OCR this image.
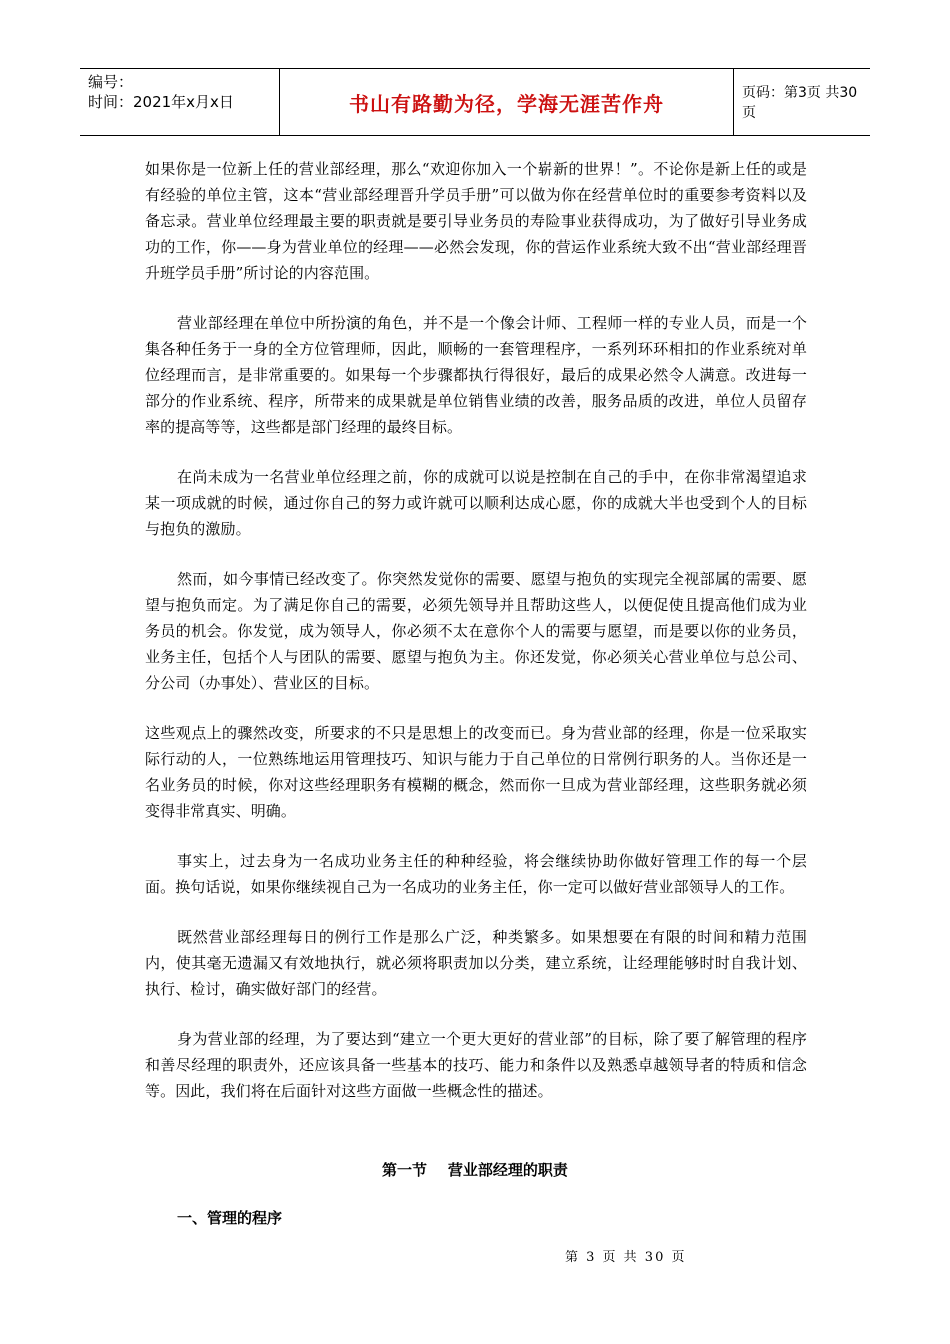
编号：
时间：2021年x月x日	书山有路勤为径，学海无涯苦作舟	页码：第3页 共30页

如果你是一位新上任的营业部经理，那么“欢迎你加入一个崭新的世界！”。不论你是新上任的或是有经验的单位主管，这本“营业部经理晋升学员手册”可以做为你在经营单位时的重要参考资料以及备忘录。营业单位经理最主要的职责就是要引导业务员的寿险事业获得成功，为了做好引导业务成功的工作，你——身为营业单位的经理——必然会发现，你的营运作业系统大致不出“营业部经理晋升班学员手册”所讨论的内容范围。

营业部经理在单位中所扮演的角色，并不是一个像会计师、工程师一样的专业人员，而是一个集各种任务于一身的全方位管理师，因此，顺畅的一套管理程序，一系列环环相扣的作业系统对单位经理而言，是非常重要的。如果每一个步骤都执行得很好，最后的成果必然令人满意。改进每一部分的作业系统、程序，所带来的成果就是单位销售业绩的改善，服务品质的改进，单位人员留存率的提高等等，这些都是部门经理的最终目标。

在尚未成为一名营业单位经理之前，你的成就可以说是控制在自己的手中，在你非常渴望追求某一项成就的时候，通过你自己的努力或许就可以顺利达成心愿，你的成就大半也受到个人的目标与抱负的激励。

然而，如今事情已经改变了。你突然发觉你的需要、愿望与抱负的实现完全视部属的需要、愿望与抱负而定。为了满足你自己的需要，必须先领导并且帮助这些人，以便促使且提高他们成为业务员的机会。你发觉，成为领导人，你必须不太在意你个人的需要与愿望，而是要以你的业务员，业务主任，包括个人与团队的需要、愿望与抱负为主。你还发觉，你必须关心营业单位与总公司、分公司（办事处）、营业区的目标。

这些观点上的骤然改变，所要求的不只是思想上的改变而已。身为营业部的经理，你是一位采取实际行动的人，一位熟练地运用管理技巧、知识与能力于自己单位的日常例行职务的人。当你还是一名业务员的时候，你对这些经理职务有模糊的概念，然而你一旦成为营业部经理，这些职务就必须变得非常真实、明确。

事实上，过去身为一名成功业务主任的种种经验，将会继续协助你做好管理工作的每一个层面。换句话说，如果你继续视自己为一名成功的业务主任，你一定可以做好营业部领导人的工作。

既然营业部经理每日的例行工作是那么广泛，种类繁多。如果想要在有限的时间和精力范围内，使其毫无遗漏又有效地执行，就必须将职责加以分类，建立系统，让经理能够时时自我计划、执行、检讨，确实做好部门的经营。

身为营业部的经理，为了要达到“建立一个更大更好的营业部”的目标，除了要了解管理的程序和善尽经理的职责外，还应该具备一些基本的技巧、能力和条件以及熟悉卓越领导者的特质和信念等。因此，我们将在后面针对这些方面做一些概念性的描述。

第一节    营业部经理的职责
一、管理的程序
第 3 页 共 30 页
